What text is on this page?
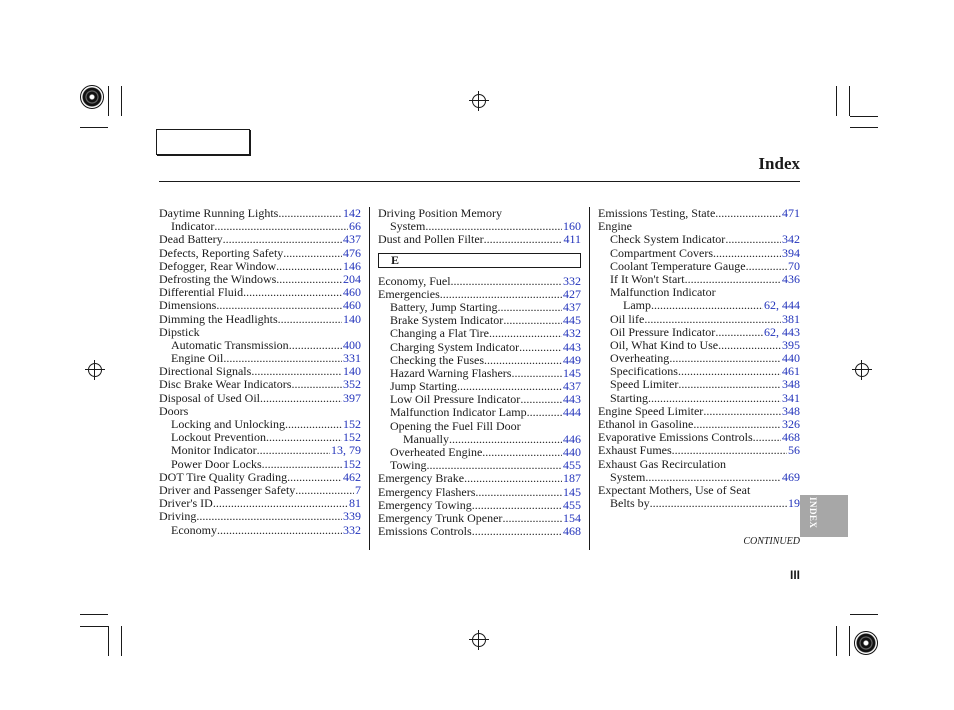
Index
Daytime Running Lights .....	142
Indicator .....	66
Dead Battery .....	437
Defects, Reporting Safety .....	476
Defogger, Rear Window .....	146
Defrosting the Windows .....	204
Differential Fluid .....	460
Dimensions .....	460
Dimming the Headlights .....	140
Dipstick
Automatic Transmission .....	400
Engine Oil .....	331
Directional Signals .....	140
Disc Brake Wear Indicators .....	352
Disposal of Used Oil .....	397
Doors
Locking and Unlocking .....	152
Lockout Prevention .....	152
Monitor Indicator .....	13, 79
Power Door Locks .....	152
DOT Tire Quality Grading .....	462
Driver and Passenger Safety .....	7
Driver's ID .....	81
Driving .....	339
Economy .....	332
Driving Position Memory
System .....	160
Dust and Pollen Filter .....	411
E
Economy, Fuel .....	332
Emergencies .....	427
Battery, Jump Starting .....	437
Brake System Indicator .....	445
Changing a Flat Tire .....	432
Charging System Indicator .....	443
Checking the Fuses .....	449
Hazard Warning Flashers .....	145
Jump Starting .....	437
Low Oil Pressure Indicator .....	443
Malfunction Indicator Lamp .....	444
Opening the Fuel Fill Door
Manually .....	446
Overheated Engine .....	440
Towing .....	455
Emergency Brake .....	187
Emergency Flashers .....	145
Emergency Towing .....	455
Emergency Trunk Opener .....	154
Emissions Controls .....	468
Emissions Testing, State .....	471
Engine
Check System Indicator .....	342
Compartment Covers .....	394
Coolant Temperature Gauge .....	70
If It Won't Start .....	436
Malfunction Indicator
Lamp .....	62, 444
Oil life .....	381
Oil Pressure Indicator .....	62, 443
Oil, What Kind to Use .....	395
Overheating .....	440
Specifications .....	461
Speed Limiter .....	348
Starting .....	341
Engine Speed Limiter .....	348
Ethanol in Gasoline .....	326
Evaporative Emissions Controls ..... 468
Exhaust Fumes .....	56
Exhaust Gas Recirculation
System .....	469
Expectant Mothers, Use of Seat
Belts by .....	19
CONTINUED
III
INDEX
